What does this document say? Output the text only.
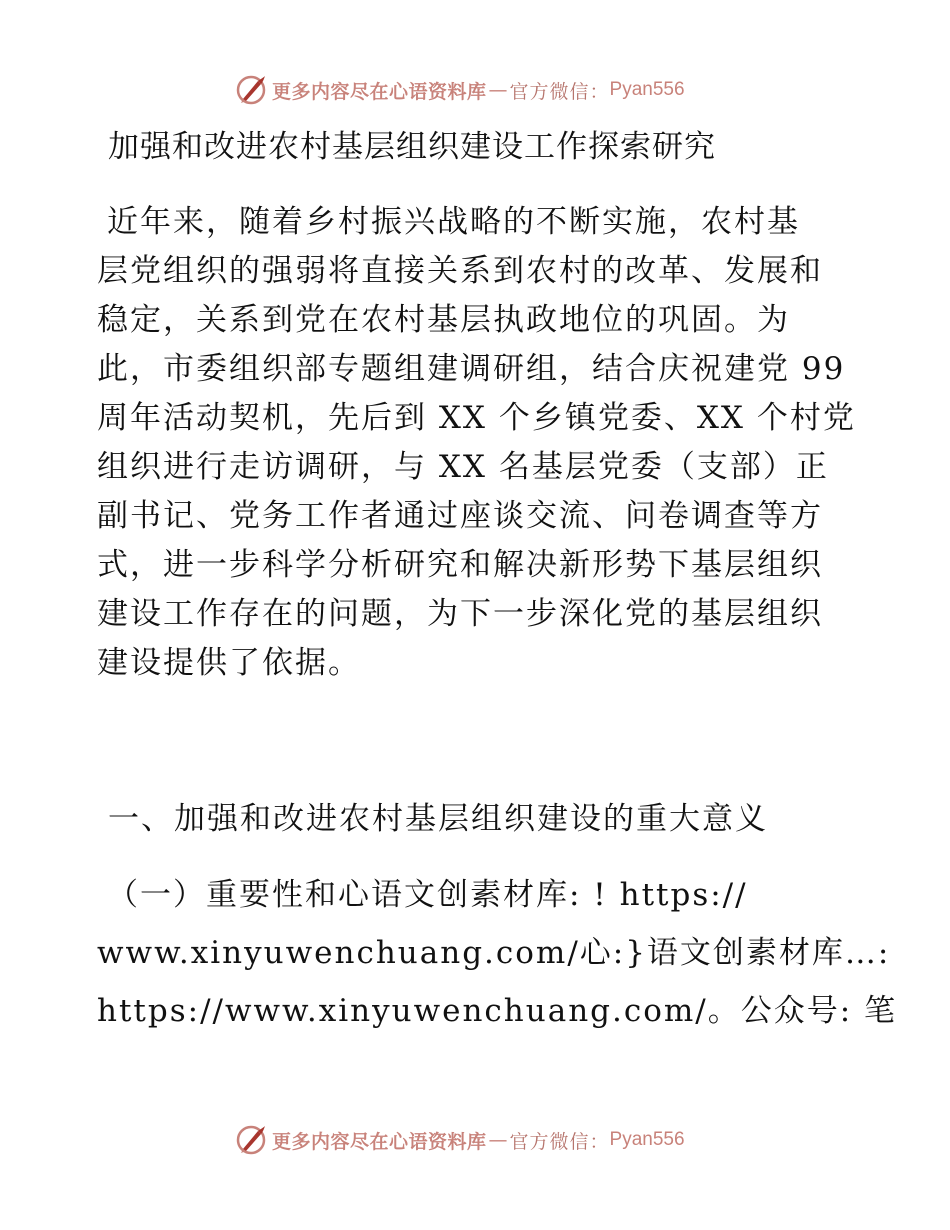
更多内容尽在心语资料库 — 官方微信： Pyan556
加强和改进农村基层组织建设工作探索研究
近年来，随着乡村振兴战略的不断实施，农村基
层党组织的强弱将直接关系到农村的改革、发展和
稳定，关系到党在农村基层执政地位的巩固。为
此，市委组织部专题组建调研组，结合庆祝建党 99
周年活动契机，先后到 XX 个乡镇党委、XX 个村党
组织进行走访调研，与 XX 名基层党委（支部）正
副书记、党务工作者通过座谈交流、问卷调查等方
式，进一步科学分析研究和解决新形势下基层组织
建设工作存在的问题，为下一步深化党的基层组织
建设提供了依据。
一、加强和改进农村基层组织建设的重大意义
（一）重要性和心语文创素材库: ! https://
www.xinyuwenchuang.com/心:}语文创素材库…:
https://www.xinyuwenchuang.com/。公众号: 笔
更多内容尽在心语资料库 — 官方微信： Pyan556
